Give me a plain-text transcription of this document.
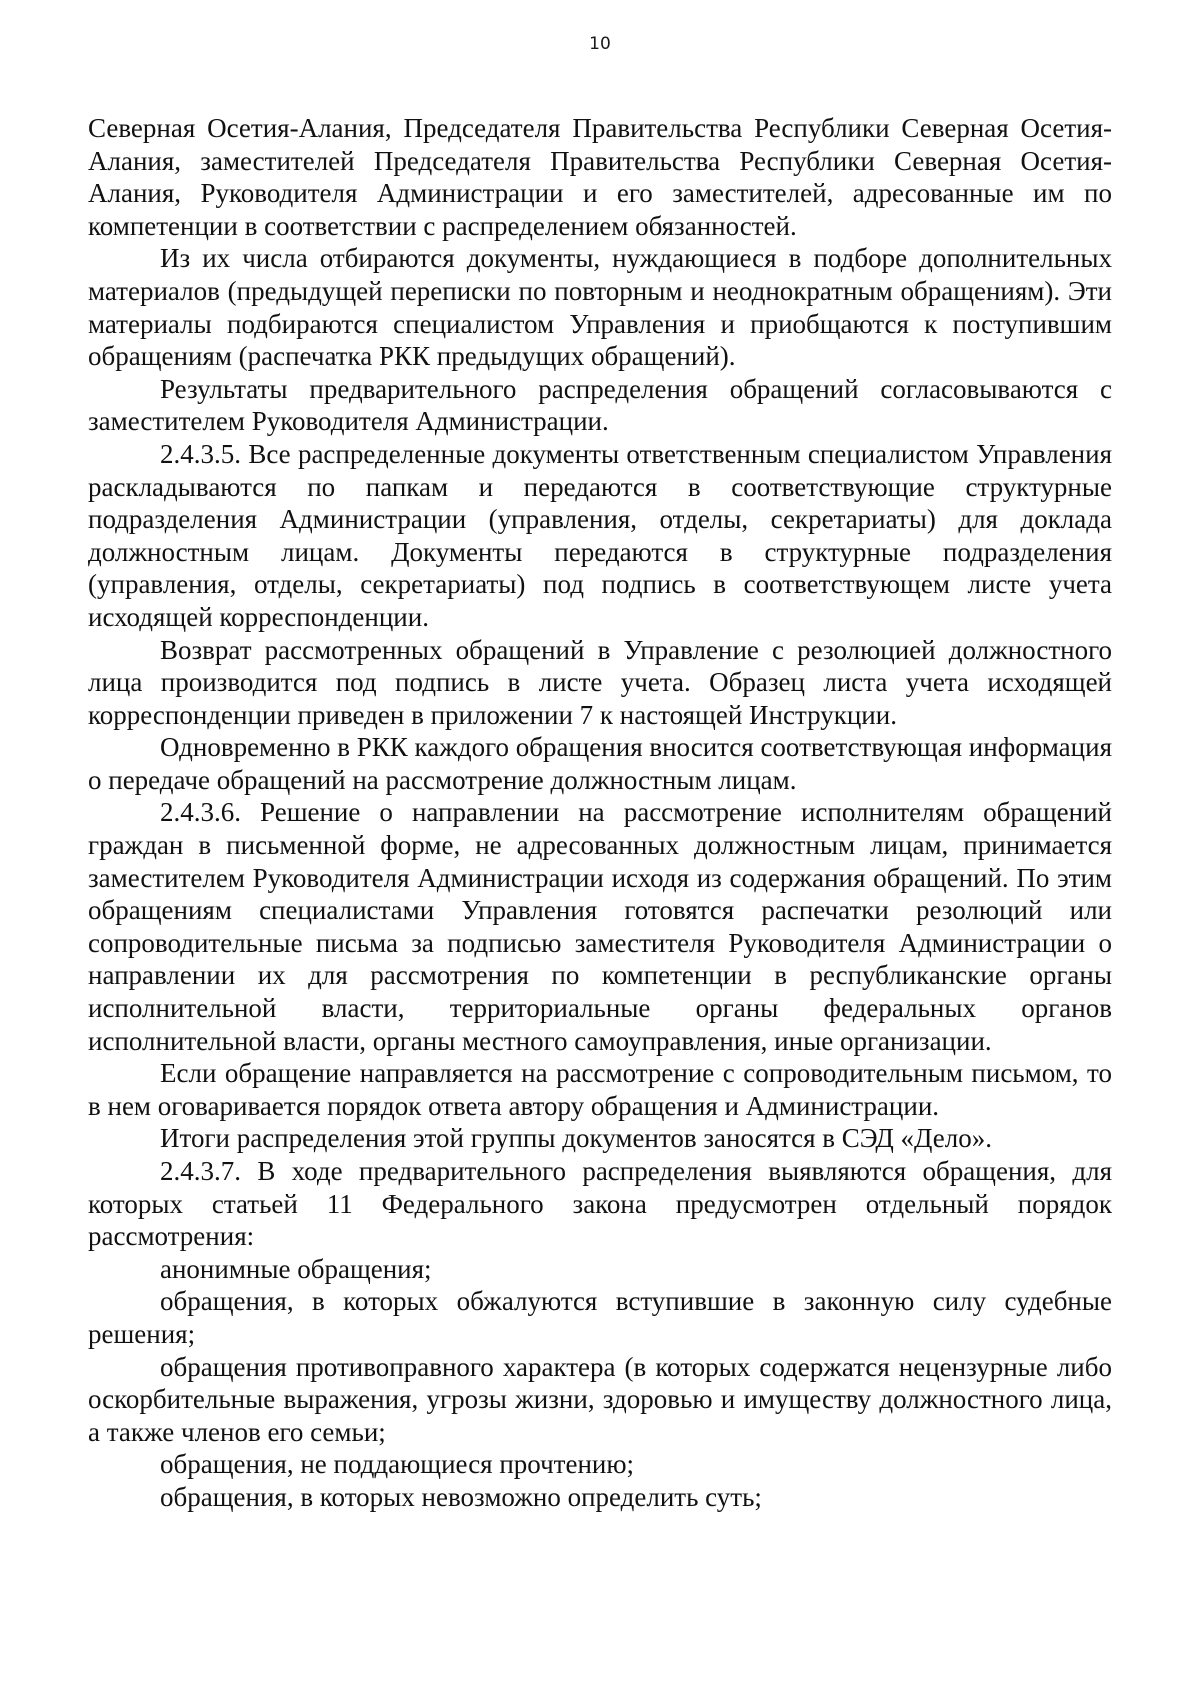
10

Северная Осетия-Алания, Председателя Правительства Республики Северная Осетия-Алания, заместителей Председателя Правительства Республики Северная Осетия-Алания, Руководителя Администрации и его заместителей, адресованные им по компетенции в соответствии с распределением обязанностей.

Из их числа отбираются документы, нуждающиеся в подборе дополнительных материалов (предыдущей переписки по повторным и неоднократным обращениям). Эти материалы подбираются специалистом Управления и приобщаются к поступившим обращениям (распечатка РКК предыдущих обращений).

Результаты предварительного распределения обращений согласовываются с заместителем Руководителя Администрации.

2.4.3.5. Все распределенные документы ответственным специалистом Управления раскладываются по папкам и передаются в соответствующие структурные подразделения Администрации (управления, отделы, секретариаты) для доклада должностным лицам. Документы передаются в структурные подразделения (управления, отделы, секретариаты) под подпись в соответствующем листе учета исходящей корреспонденции.

Возврат рассмотренных обращений в Управление с резолюцией должностного лица производится под подпись в листе учета. Образец листа учета исходящей корреспонденции приведен в приложении 7 к настоящей Инструкции.

Одновременно в РКК каждого обращения вносится соответствующая информация о передаче обращений на рассмотрение должностным лицам.

2.4.3.6. Решение о направлении на рассмотрение исполнителям обращений граждан в письменной форме, не адресованных должностным лицам, принимается заместителем Руководителя Администрации исходя из содержания обращений. По этим обращениям специалистами Управления готовятся распечатки резолюций или сопроводительные письма за подписью заместителя Руководителя Администрации о направлении их для рассмотрения по компетенции в республиканские органы исполнительной власти, территориальные органы федеральных органов исполнительной власти, органы местного самоуправления, иные организации.

Если обращение направляется на рассмотрение с сопроводительным письмом, то в нем оговаривается порядок ответа автору обращения и Администрации.

Итоги распределения этой группы документов заносятся в СЭД «Дело».

2.4.3.7. В ходе предварительного распределения выявляются обращения, для которых статьей 11 Федерального закона предусмотрен отдельный порядок рассмотрения:

анонимные обращения;

обращения, в которых обжалуются вступившие в законную силу судебные решения;

обращения противоправного характера (в которых содержатся нецензурные либо оскорбительные выражения, угрозы жизни, здоровью и имуществу должностного лица, а также членов его семьи;

обращения, не поддающиеся прочтению;

обращения, в которых невозможно определить суть;
